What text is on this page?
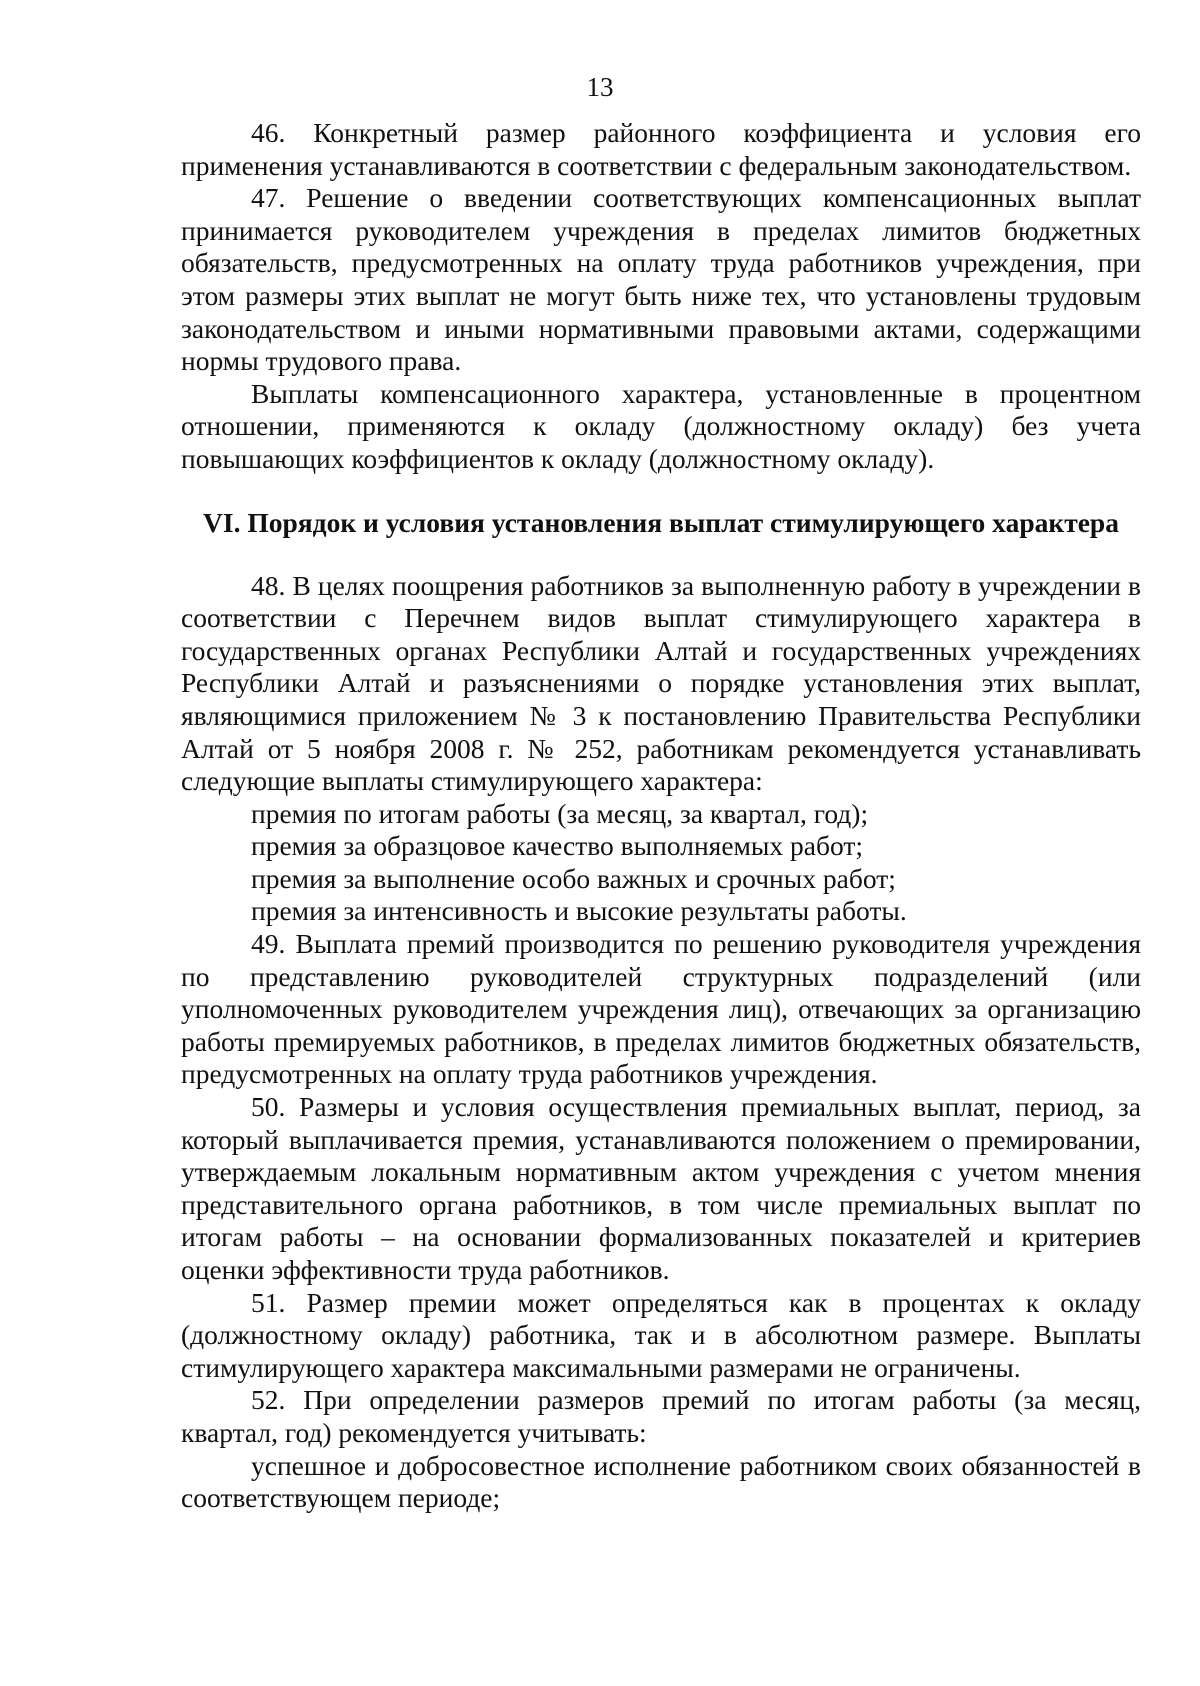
13

46. Конкретный размер районного коэффициента и условия его применения устанавливаются в соответствии с федеральным законодательством.

47. Решение о введении соответствующих компенсационных выплат принимается руководителем учреждения в пределах лимитов бюджетных обязательств, предусмотренных на оплату труда работников учреждения, при этом размеры этих выплат не могут быть ниже тех, что установлены трудовым законодательством и иными нормативными правовыми актами, содержащими нормы трудового права.

Выплаты компенсационного характера, установленные в процентном отношении, применяются к окладу (должностному окладу) без учета повышающих коэффициентов к окладу (должностному окладу).

VI. Порядок и условия установления выплат стимулирующего характера

48. В целях поощрения работников за выполненную работу в учреждении в соответствии с Перечнем видов выплат стимулирующего характера в государственных органах Республики Алтай и государственных учреждениях Республики Алтай и разъяснениями о порядке установления этих выплат, являющимися приложением № 3 к постановлению Правительства Республики Алтай от 5 ноября 2008 г. № 252, работникам рекомендуется устанавливать следующие выплаты стимулирующего характера:

премия по итогам работы (за месяц, за квартал, год);

премия за образцовое качество выполняемых работ;

премия за выполнение особо важных и срочных работ;

премия за интенсивность и высокие результаты работы.

49. Выплата премий производится по решению руководителя учреждения по представлению руководителей структурных подразделений (или уполномоченных руководителем учреждения лиц), отвечающих за организацию работы премируемых работников, в пределах лимитов бюджетных обязательств, предусмотренных на оплату труда работников учреждения.

50. Размеры и условия осуществления премиальных выплат, период, за который выплачивается премия, устанавливаются положением о премировании, утверждаемым локальным нормативным актом учреждения с учетом мнения представительного органа работников, в том числе премиальных выплат по итогам работы – на основании формализованных показателей и критериев оценки эффективности труда работников.

51. Размер премии может определяться как в процентах к окладу (должностному окладу) работника, так и в абсолютном размере. Выплаты стимулирующего характера максимальными размерами не ограничены.

52. При определении размеров премий по итогам работы (за месяц, квартал, год) рекомендуется учитывать:

успешное и добросовестное исполнение работником своих обязанностей в соответствующем периоде;
